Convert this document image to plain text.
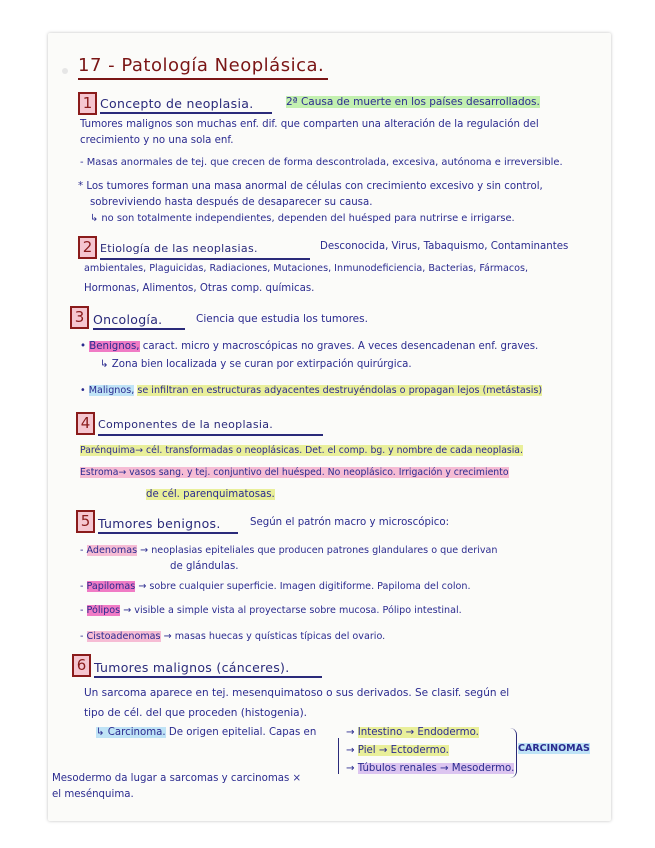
17 - Patología Neoplásica.
1 Concepto de neoplasia.	2ª Causa de muerte en los países desarrollados.
Tumores malignos son muchas enf. dif. que comparten una alteración de la regulación del
crecimiento y no una sola enf.
- Masas anormales de tej. que crecen de forma descontrolada, excesiva, autónoma e irreversible.
* Los tumores forman una masa anormal de células con crecimiento excesivo y sin control,
sobreviviendo hasta después de desaparecer su causa.
↳ no son totalmente independientes, dependen del huésped para nutrirse e irrigarse.
2 Etiología de las neoplasias.	Desconocida, Virus, Tabaquismo, Contaminantes
ambientales, Plaguicidas, Radiaciones, Mutaciones, Inmunodeficiencia, Bacterias, Fármacos,
Hormonas, Alimentos, Otras comp. químicas.
3 Oncología.	Ciencia que estudia los tumores.
• Benignos, caract. micro y macroscópicas no graves. A veces desencadenan enf. graves.
↳ Zona bien localizada y se curan por extirpación quirúrgica.
• Malignos, se infiltran en estructuras adyacentes destruyéndolas o propagan lejos (metástasis)
4 Componentes de la neoplasia.
Parénquima→ cél. transformadas o neoplásicas. Det. el comp. bg. y nombre de cada neoplasia.
Estroma→ vasos sang. y tej. conjuntivo del huésped. No neoplásico. Irrigación y crecimiento
de cél. parenquimatosas.
5 Tumores benignos.	Según el patrón macro y microscópico:
- Adenomas → neoplasias epiteliales que producen patrones glandulares o que derivan
de glándulas.
- Papilomas → sobre cualquier superficie. Imagen digitiforme. Papiloma del colon.
- Pólipos → visible a simple vista al proyectarse sobre mucosa. Pólipo intestinal.
- Cistoadenomas → masas huecas y quísticas típicas del ovario.
6 Tumores malignos (cánceres).
Un sarcoma aparece en tej. mesenquimatoso o sus derivados. Se clasif. según el
tipo de cél. del que proceden (histogenia).
↳ Carcinoma. De origen epitelial. Capas en	→ Intestino → Endodermo.
→ Piel → Ectodermo.
→ Túbulos renales → Mesodermo.
CARCINOMAS
Mesodermo da lugar a sarcomas y carcinomas ×
el mesénquima.
